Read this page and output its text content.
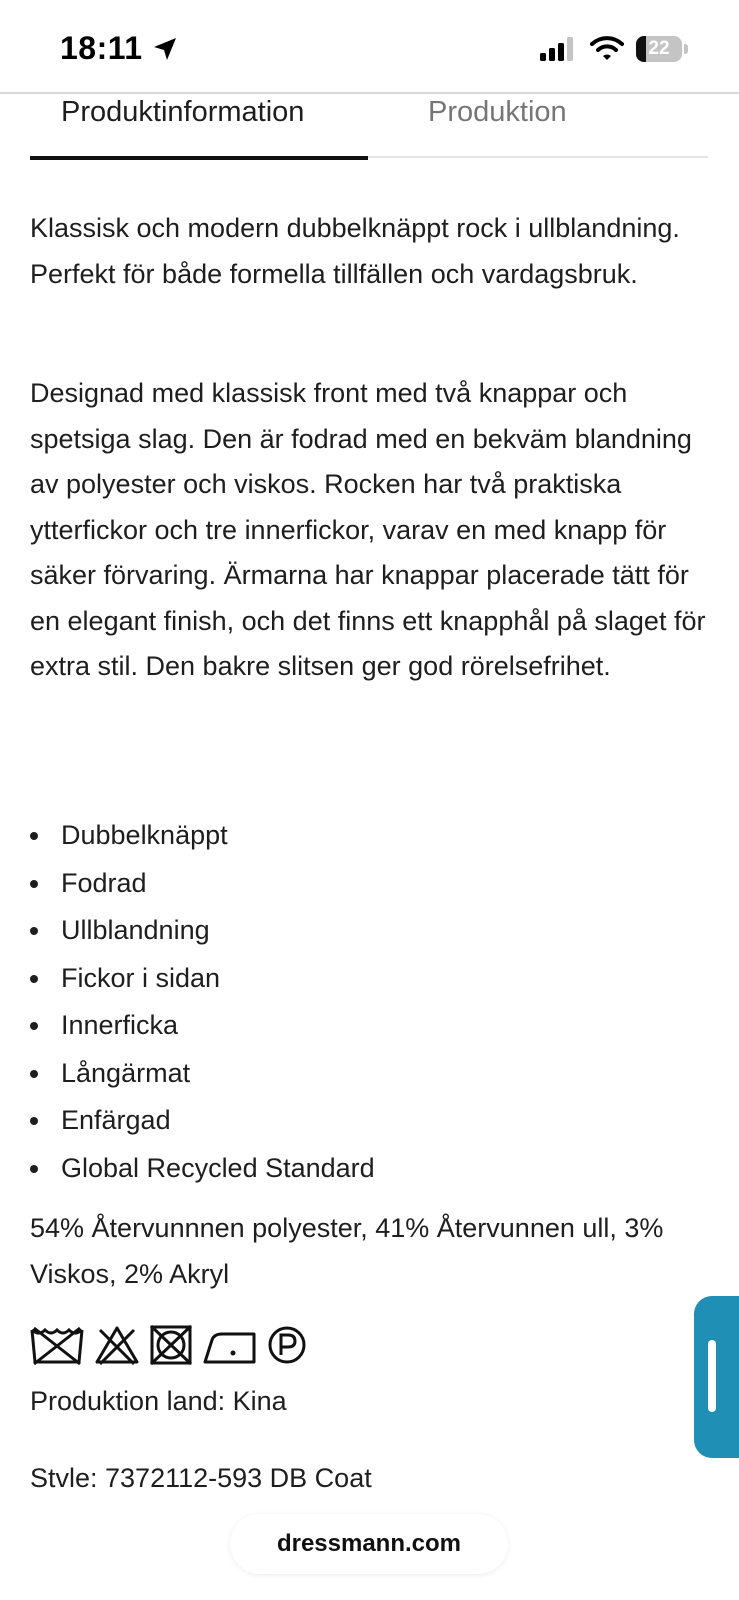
18:11	22
Produktinformation	Produktion

Klassisk och modern dubbelknäppt rock i ullblandning. Perfekt för både formella tillfällen och vardagsbruk.

Designad med klassisk front med två knappar och spetsiga slag. Den är fodrad med en bekväm blandning av polyester och viskos. Rocken har två praktiska ytterfickor och tre innerfickor, varav en med knapp för säker förvaring. Ärmarna har knappar placerade tätt för en elegant finish, och det finns ett knapphål på slaget för extra stil. Den bakre slitsen ger god rörelsefrihet.

Dubbelknäppt
Fodrad
Ullblandning
Fickor i sidan
Innerficka
Långärmat
Enfärgad
Global Recycled Standard
54% Återvunnnen polyester, 41% Återvunnen ull, 3% Viskos, 2% Akryl
Produktion land: Kina
Stvle: 7372112-593 DB Coat
dressmann.com
